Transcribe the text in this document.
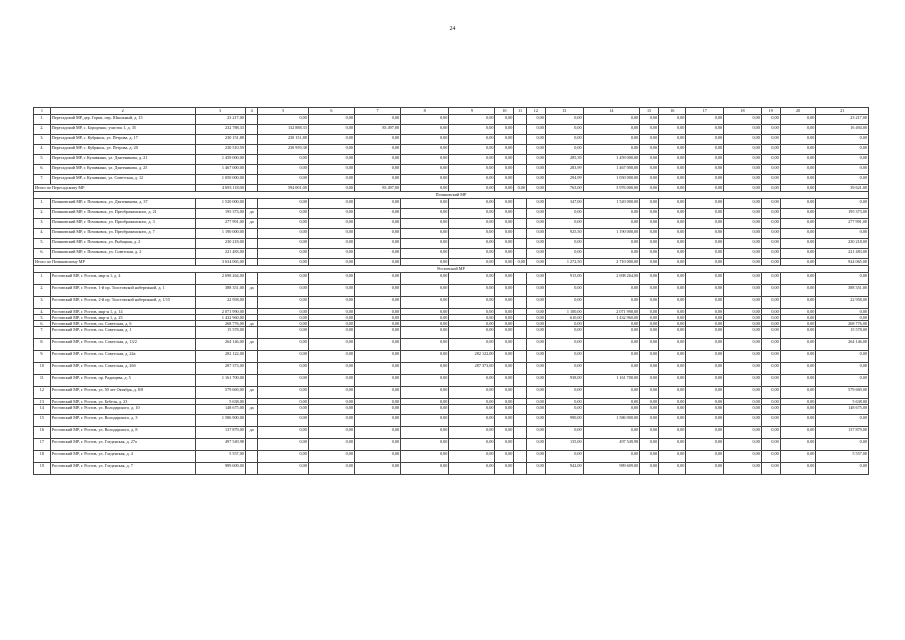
24
1	2	3	4	5	6	7	8	9	10	11	12	13	14	15	16	17	18	19	20	21
1.	Пересадский МР, дер. Горки, пер. Школьный, д. 15	23 217,00		0,00	0,00	0,00	0,00	0,00	0,00		0,00	0,00	0,00	0,00	0,00	0,00	0,00	0,00	0,00	23 217,00
2.	Пересадский МР, с. Бороденко, участок 1, д. 35	232 788,33		132 888,33	0,00	83 497,00	0,00	0,00	0,00		0,00	0,00	0,00	0,00	0,00	0,00	0,00	0,00	0,00	16 494,00
3.	Пересадский МР, с. Кубрянск, ул. Петрова, д. 17	230 151,88		230 151,88	0,00	0,00	0,00	0,00	0,00		0,00	0,00	0,00	0,00	0,00	0,00	0,00	0,00	0,00	0,00
4.	Пересадский МР, с. Кубрянск, ул. Петрова, д. 20	230 510,59		230 959,38	0,00	0,00	0,00	0,00	0,00		0,00	0,00	0,00	0,00	0,00	0,00	0,00	0,00	0,00	0,00
5.	Пересадский МР, г. Купавкино, ул. Дзятеникова, д. 21	1 459 000,00		0,00	0,00	0,00	0,00	0,00	0,00		0,00	285,39	1 459 000,00	0,00	0,00	0,00	0,00	0,00	0,00	0,00
6.	Пересадский МР, г. Купавкино, ул. Дзятеникова, д. 25	1 467 000,00		0,00	0,00	0,00	0,00	0,00	0,00		0,00	283,99	1 467 000,00	0,00	0,00	0,00	0,00	0,00	0,00	0,00
7.	Пересадский МР, г. Купавкино, ул. Советская, д. 12	1 050 000,00		0,00	0,00	0,00	0,00	0,00	0,00		0,00	294,99	1 050 000,00	0,00	0,00	0,00	0,00	0,00	0,00	0,00
Итого по Пересадскому МР		4 693 118,00		594 001,00	0,00	83 497,00	0,00	0,00	0,00	0,00	0,00	763,00	3 976 000,00	0,00	0,00	0,00	0,00	0,00	0,00	39 621,00
Почиковский МР																				
1.	Почиковский МР, г. Почиковск, ул. Дзятеникова, д. 37	1 520 000,00		0,00	0,00	0,00	0,00	0,00	0,00		0,00	347,00	1 520 000,00	0,00	0,00	0,00	0,00	0,00	0,00	0,00
2.	Почиковский МР, г. Почиковск, ул. Преображенского, д. 21	195 373,00	да	0,00	0,00	0,00	0,00	0,00	0,00		0,00	0,00	0,00	0,00	0,00	0,00	0,00	0,00	0,00	195 373,00
3.	Почиковский МР, г. Почиковск, ул. Преображенского, д. 3	277 991,00	да	0,00	0,00	0,00	0,00	0,00	0,00		0,00	0,00	0,00	0,00	0,00	0,00	0,00	0,00	0,00	277 991,00
4.	Почиковский МР, г. Почиковск, ул. Преображенского, д. 7	1 190 000,00		0,00	0,00	0,00	0,00	0,00	0,00		0,00	925,50	1 190 000,00	0,00	0,00	0,00	0,00	0,00	0,00	0,00
5.	Почиковский МР, г. Почиковск, ул. Рыбацкая, д. 2	230 218,00		0,00	0,00	0,00	0,00	0,00	0,00		0,00	0,00	0,00	0,00	0,00	0,00	0,00	0,00	0,00	230 218,00
6.	Почиковский МР, г. Почиковск, ул. Советская, д. 2	221 483,00		0,00	0,00	0,00	0,00	0,00	0,00		0,00	0,00	0,00	0,00	0,00	0,00	0,00	0,00	0,00	221 483,00
Итого по Почиковскому МР		3 634 065,00		0,00	0,00	0,00	0,00	0,00	0,00	0,00	0,00	1 272,50	2 710 000,00	0,00	0,00	0,00	0,00	0,00	0,00	924 065,00
Ростовский МР																				
1.	Ростовский МР, г. Ростов, мкр-н 1, д. 4	2 698 264,00		0,00	0,00	0,00	0,00	0,00	0,00		0,00	915,00	2 698 264,00	0,00	0,00	0,00	0,00	0,00	0,00	0,00
2.	Ростовский МР, г. Ростов, 1-й пр. Толстовской набережной, д. 1	388 351,00	да	0,00	0,00	0,00	0,00	0,00	0,00		0,00	0,00	0,00	0,00	0,00	0,00	0,00	0,00	0,00	388 351,00
3.	Ростовский МР, г. Ростов, 2-й пр. Толстовской набережной, д. 1/15	22 958,00		0,00	0,00	0,00	0,00	0,00	0,00		0,00	0,00	0,00	0,00	0,00	0,00	0,00	0,00	0,00	22 958,00
4.	Ростовский МР, г. Ростов, мкр-н 1, д. 14	2 071 990,00		0,00	0,00	0,00	0,00	0,00	0,00		0,00	1 100,00	2 071 990,00	0,00	0,00	0,00	0,00	0,00	0,00	0,00
5.	Ростовский МР, г. Ростов, мкр-н 1, д. 25	1 432 960,00		0,00	0,00	0,00	0,00	0,00	0,00		0,00	610,00	1 432 960,00	0,00	0,00	0,00	0,00	0,00	0,00	0,00
6.	Ростовский МР, г. Ростов, пл. Советская, д. 6	268 776,00	да	0,00	0,00	0,00	0,00	0,00	0,00		0,00	0,00	0,00	0,00	0,00	0,00	0,00	0,00	0,00	268 776,00
7.	Ростовский МР, г. Ростов, пл. Советская, д. 1	15 578,00		0,00	0,00	0,00	0,00	0,00	0,00		0,00	0,00	0,00	0,00	0,00	0,00	0,00	0,00	0,00	15 578,00
8.	Ростовский МР, г. Ростов, пл. Советская, д. 13/2	264 146,00	да	0,00	0,00	0,00	0,00	0,00	0,00		0,00	0,00	0,00	0,00	0,00	0,00	0,00	0,00	0,00	264 146,00
9.	Ростовский МР, г. Ростов, пл. Советская, д. 24а	282 122,00		0,00	0,00	0,00	0,00	282 122,00	0,00		0,00	0,00	0,00	0,00	0,00	0,00	0,00	0,00	0,00	0,00
10	Ростовский МР, г. Ростов, пл. Советская, д. 26б	287 373,00		0,00	0,00	0,00	0,00	287 373,00	0,00		0,00	0,00	0,00	0,00	0,00	0,00	0,00	0,00	0,00	0,00
11	Ростовский МР, г. Ростов, пр. Радищева, д. 5	1 161 700,00		0,00	0,00	0,00	0,00	0,00	0,00		0,00	938,00	1 161 700,00	0,00	0,00	0,00	0,00	0,00	0,00	0,00
12	Ростовский МР, г. Ростов, ул. 50 лет Октября, д. 8/8	579 669,00	да	0,00	0,00	0,00	0,00	0,00	0,00		0,00	0,00	0,00	0,00	0,00	0,00	0,00	0,00	0,00	579 669,00
13	Ростовский МР, г. Ростов, ул. Бебеля, д. 23	5 638,00		0,00	0,00	0,00	0,00	0,00	0,00		0,00	0,00	0,00	0,00	0,00	0,00	0,00	0,00	0,00	5 638,00
14	Ростовский МР, г. Ростов, ул. Володарского, д. 10	148 675,00	да	0,00	0,00	0,00	0,00	0,00	0,00		0,00	0,00	0,00	0,00	0,00	0,00	0,00	0,00	0,00	148 675,00
15	Ростовский МР, г. Ростов, ул. Володарского, д. 3	1 586 900,00		0,00	0,00	0,00	0,00	0,00	0,00		0,00	990,00	1 586 900,00	0,00	0,00	0,00	0,00	0,00	0,00	0,00
16	Ростовский МР, г. Ростов, ул. Володарского, д. 8	137 879,00	да	0,00	0,00	0,00	0,00	0,00	0,00		0,00	0,00	0,00	0,00	0,00	0,00	0,00	0,00	0,00	137 879,00
17	Ростовский МР, г. Ростов, ул. Гледенская, д. 27а	497 549,98		0,00	0,00	0,00	0,00	0,00	0,00		0,00	135,00	497 549,98	0,00	0,00	0,00	0,00	0,00	0,00	0,00
18	Ростовский МР, г. Ростов, ул. Гледенская, д. 4	5 557,00		0,00	0,00	0,00	0,00	0,00	0,00		0,00	0,00	0,00	0,00	0,00	0,00	0,00	0,00	0,00	5 557,00
19	Ростовский МР, г. Ростов, ул. Гледенская, д. 7	989 609,00		0,00	0,00	0,00	0,00	0,00	0,00		0,00	942,00	989 609,00	0,00	0,00	0,00	0,00	0,00	0,00	0,00
